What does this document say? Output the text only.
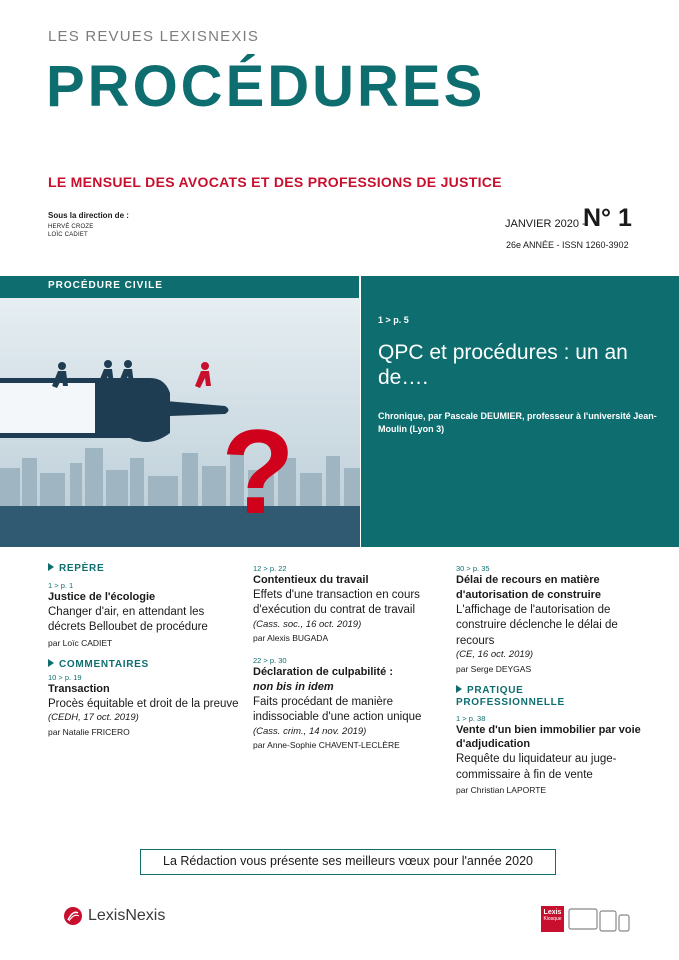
LES REVUES LEXISNEXIS
PROCÉDURES
LE MENSUEL DES AVOCATS ET DES PROFESSIONS DE JUSTICE
Sous la direction de :
HERVÉ CROZE
LOÏC CADIET
JANVIER 2020 -
N° 1
26e ANNÉE - ISSN 1260-3902
PROCÉDURE CIVILE
?
1 > p. 5
QPC et procédures : un an de….
Chronique, par Pascale DEUMIER, professeur à l'université Jean-Moulin (Lyon 3)
REPÈRE
1 > p. 1
Justice de l'écologie
Changer d'air, en attendant les décrets Belloubet de procédure
par Loïc CADIET
COMMENTAIRES
10 > p. 19
Transaction
Procès équitable et droit de la preuve
(CEDH, 17 oct. 2019)
par Natalie FRICERO
12 > p. 22
Contentieux du travail
Effets d'une transaction en cours d'exécution du contrat de travail
(Cass. soc., 16 oct. 2019)
par Alexis BUGADA
22 > p. 30
Déclaration de culpabilité :
non bis in idem
Faits procédant de manière indissociable d'une action unique
(Cass. crim., 14 nov. 2019)
par Anne-Sophie CHAVENT-LECLÈRE
30 > p. 35
Délai de recours en matière d'autorisation de construire
L'affichage de l'autorisation de construire déclenche le délai de recours
(CE, 16 oct. 2019)
par Serge DEYGAS
PRATIQUE PROFESSIONNELLE
1 > p. 38
Vente d'un bien immobilier par voie d'adjudication
Requête du liquidateur au juge-commissaire à fin de vente
par Christian LAPORTE
La Rédaction vous présente ses meilleurs vœux pour l'année 2020
LexisNexis	Lexis
Kiosque
